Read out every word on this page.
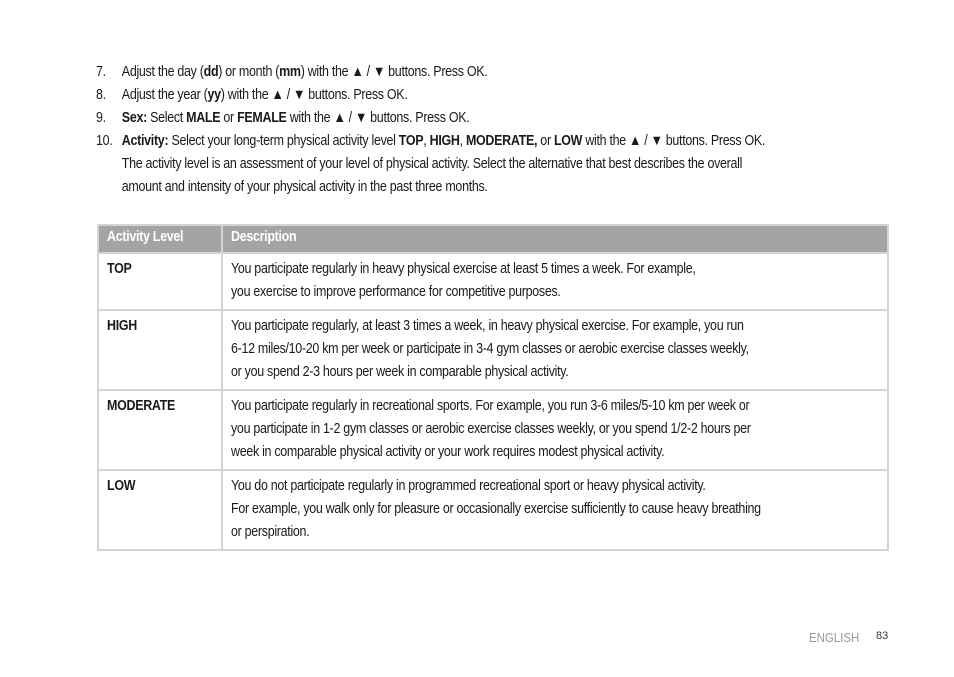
7.	Adjust the day (dd) or month (mm) with the ▲ / ▼ buttons. Press OK.
8.	Adjust the year (yy) with the ▲ / ▼ buttons. Press OK.
9.	Sex: Select MALE or FEMALE with the ▲ / ▼ buttons. Press OK.
10. Activity: Select your long-term physical activity level TOP, HIGH, MODERATE, or LOW with the ▲ / ▼ buttons. Press OK.
The activity level is an assessment of your level of physical activity. Select the alternative that best describes the overall
amount and intensity of your physical activity in the past three months.
Activity Level	Description
TOP	You participate regularly in heavy physical exercise at least 5 times a week. For example,
you exercise to improve performance for competitive purposes.
HIGH	You participate regularly, at least 3 times a week, in heavy physical exercise. For example, you run
6-12 miles/10-20 km per week or participate in 3-4 gym classes or aerobic exercise classes weekly,
or you spend 2-3 hours per week in comparable physical activity.
MODERATE	You participate regularly in recreational sports. For example, you run 3-6 miles/5-10 km per week or
you participate in 1-2 gym classes or aerobic exercise classes weekly, or you spend 1/2-2 hours per
week in comparable physical activity or your work requires modest physical activity.
LOW	You do not participate regularly in programmed recreational sport or heavy physical activity.
For example, you walk only for pleasure or occasionally exercise sufficiently to cause heavy breathing
or perspiration.
ENGLISH 83
